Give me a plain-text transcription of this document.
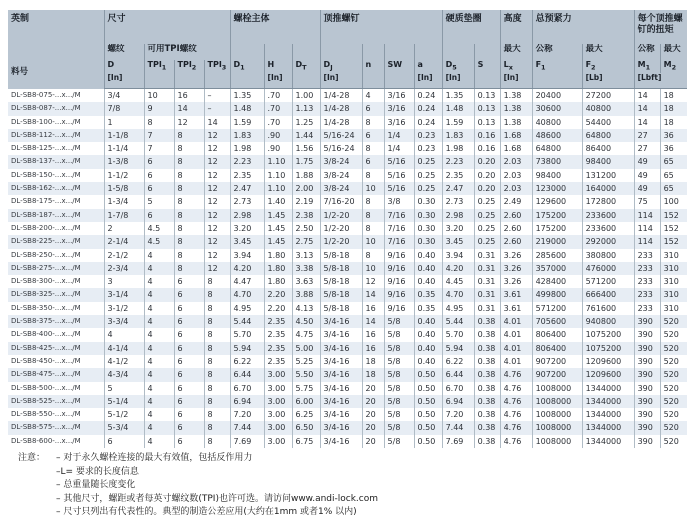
英制	尺寸				螺栓主体			顶推螺钉				硬质垫圈		高度	总预紧力		每个顶推螺钉的扭矩	
料号	螺纹	可用TPI螺纹												最大	公称	最大	公称	最大
	D	$TPI_1$	$TPI_2$	$TPI_3$	$D_1$	H	$D_T$	$D_J$	n	SW	a	$D_5$	S	$L_x$	$F_1$	$F_2$	$M_1$	$M_2$
	[In]					[In]		[In]			[In]	[In]		[In]		[Lb]	[Lbft]	
DL-SB8-075-...x.../M	3/4	10	16	–	1.35	.70	1.00	1/4-28	4	3/16	0.24	1.35	0.13	1.38	20400	27200	14	18
DL-SB8-087-...x.../M	7/8	9	14	–	1.48	.70	1.13	1/4-28	6	3/16	0.24	1.48	0.13	1.38	30600	40800	14	18
DL-SB8-100-...x.../M	1	8	12	14	1.59	.70	1.25	1/4-28	8	3/16	0.24	1.59	0.13	1.38	40800	54400	14	18
DL-SB8-112-...x.../M	1-1/8	7	8	12	1.83	.90	1.44	5/16-24	6	1/4	0.23	1.83	0.16	1.68	48600	64800	27	36
DL-SB8-125-...x.../M	1-1/4	7	8	12	1.98	.90	1.56	5/16-24	8	1/4	0.23	1.98	0.16	1.68	64800	86400	27	36
DL-SB8-137-...x.../M	1-3/8	6	8	12	2.23	1.10	1.75	3/8-24	6	5/16	0.25	2.23	0.20	2.03	73800	98400	49	65
DL-SB8-150-...x.../M	1-1/2	6	8	12	2.35	1.10	1.88	3/8-24	8	5/16	0.25	2.35	0.20	2.03	98400	131200	49	65
DL-SB8-162-...x.../M	1-5/8	6	8	12	2.47	1.10	2.00	3/8-24	10	5/16	0.25	2.47	0.20	2.03	123000	164000	49	65
DL-SB8-175-...x.../M	1-3/4	5	8	12	2.73	1.40	2.19	7/16-20	8	3/8	0.30	2.73	0.25	2.49	129600	172800	75	100
DL-SB8-187-...x.../M	1-7/8	6	8	12	2.98	1.45	2.38	1/2-20	8	7/16	0.30	2.98	0.25	2.60	175200	233600	114	152
DL-SB8-200-...x.../M	2	4.5	8	12	3.20	1.45	2.50	1/2-20	8	7/16	0.30	3.20	0.25	2.60	175200	233600	114	152
DL-SB8-225-...x.../M	2-1/4	4.5	8	12	3.45	1.45	2.75	1/2-20	10	7/16	0.30	3.45	0.25	2.60	219000	292000	114	152
DL-SB8-250-...x.../M	2-1/2	4	8	12	3.94	1.80	3.13	5/8-18	8	9/16	0.40	3.94	0.31	3.26	285600	380800	233	310
DL-SB8-275-...x.../M	2-3/4	4	8	12	4.20	1.80	3.38	5/8-18	10	9/16	0.40	4.20	0.31	3.26	357000	476000	233	310
DL-SB8-300-...x.../M	3	4	6	8	4.47	1.80	3.63	5/8-18	12	9/16	0.40	4.45	0.31	3.26	428400	571200	233	310
DL-SB8-325-...x.../M	3-1/4	4	6	8	4.70	2.20	3.88	5/8-18	14	9/16	0.35	4.70	0.31	3.61	499800	666400	233	310
DL-SB8-350-...x.../M	3-1/2	4	6	8	4.95	2.20	4.13	5/8-18	16	9/16	0.35	4.95	0.31	3.61	571200	761600	233	310
DL-SB8-375-...x.../M	3-3/4	4	6	8	5.44	2.35	4.50	3/4-16	14	5/8	0.40	5.44	0.38	4.01	705600	940800	390	520
DL-SB8-400-...x.../M	4	4	6	8	5.70	2.35	4.75	3/4-16	16	5/8	0.40	5.70	0.38	4.01	806400	1075200	390	520
DL-SB8-425-...x.../M	4-1/4	4	6	8	5.94	2.35	5.00	3/4-16	16	5/8	0.40	5.94	0.38	4.01	806400	1075200	390	520
DL-SB8-450-...x.../M	4-1/2	4	6	8	6.22	2.35	5.25	3/4-16	18	5/8	0.40	6.22	0.38	4.01	907200	1209600	390	520
DL-SB8-475-...x.../M	4-3/4	4	6	8	6.44	3.00	5.50	3/4-16	18	5/8	0.50	6.44	0.38	4.76	907200	1209600	390	520
DL-SB8-500-...x.../M	5	4	6	8	6.70	3.00	5.75	3/4-16	20	5/8	0.50	6.70	0.38	4.76	1008000	1344000	390	520
DL-SB8-525-...x.../M	5-1/4	4	6	8	6.94	3.00	6.00	3/4-16	20	5/8	0.50	6.94	0.38	4.76	1008000	1344000	390	520
DL-SB8-550-...x.../M	5-1/2	4	6	8	7.20	3.00	6.25	3/4-16	20	5/8	0.50	7.20	0.38	4.76	1008000	1344000	390	520
DL-SB8-575-...x.../M	5-3/4	4	6	8	7.44	3.00	6.50	3/4-16	20	5/8	0.50	7.44	0.38	4.76	1008000	1344000	390	520
DL-SB8-600-...x.../M	6	4	6	8	7.69	3.00	6.75	3/4-16	20	5/8	0.50	7.69	0.38	4.76	1008000	1344000	390	520
注意：	– 对于永久螺栓连接的最大有效值，包括反作用力
–L= 要求的长度信息
– 总重量随长度变化
– 其他尺寸，螺距或者每英寸螺纹数(TPI)也许可选。请访问www.andi-lock.com
– 尺寸只列出有代表性的。典型的制造公差应用(大约在1mm 或者1% 以内)
